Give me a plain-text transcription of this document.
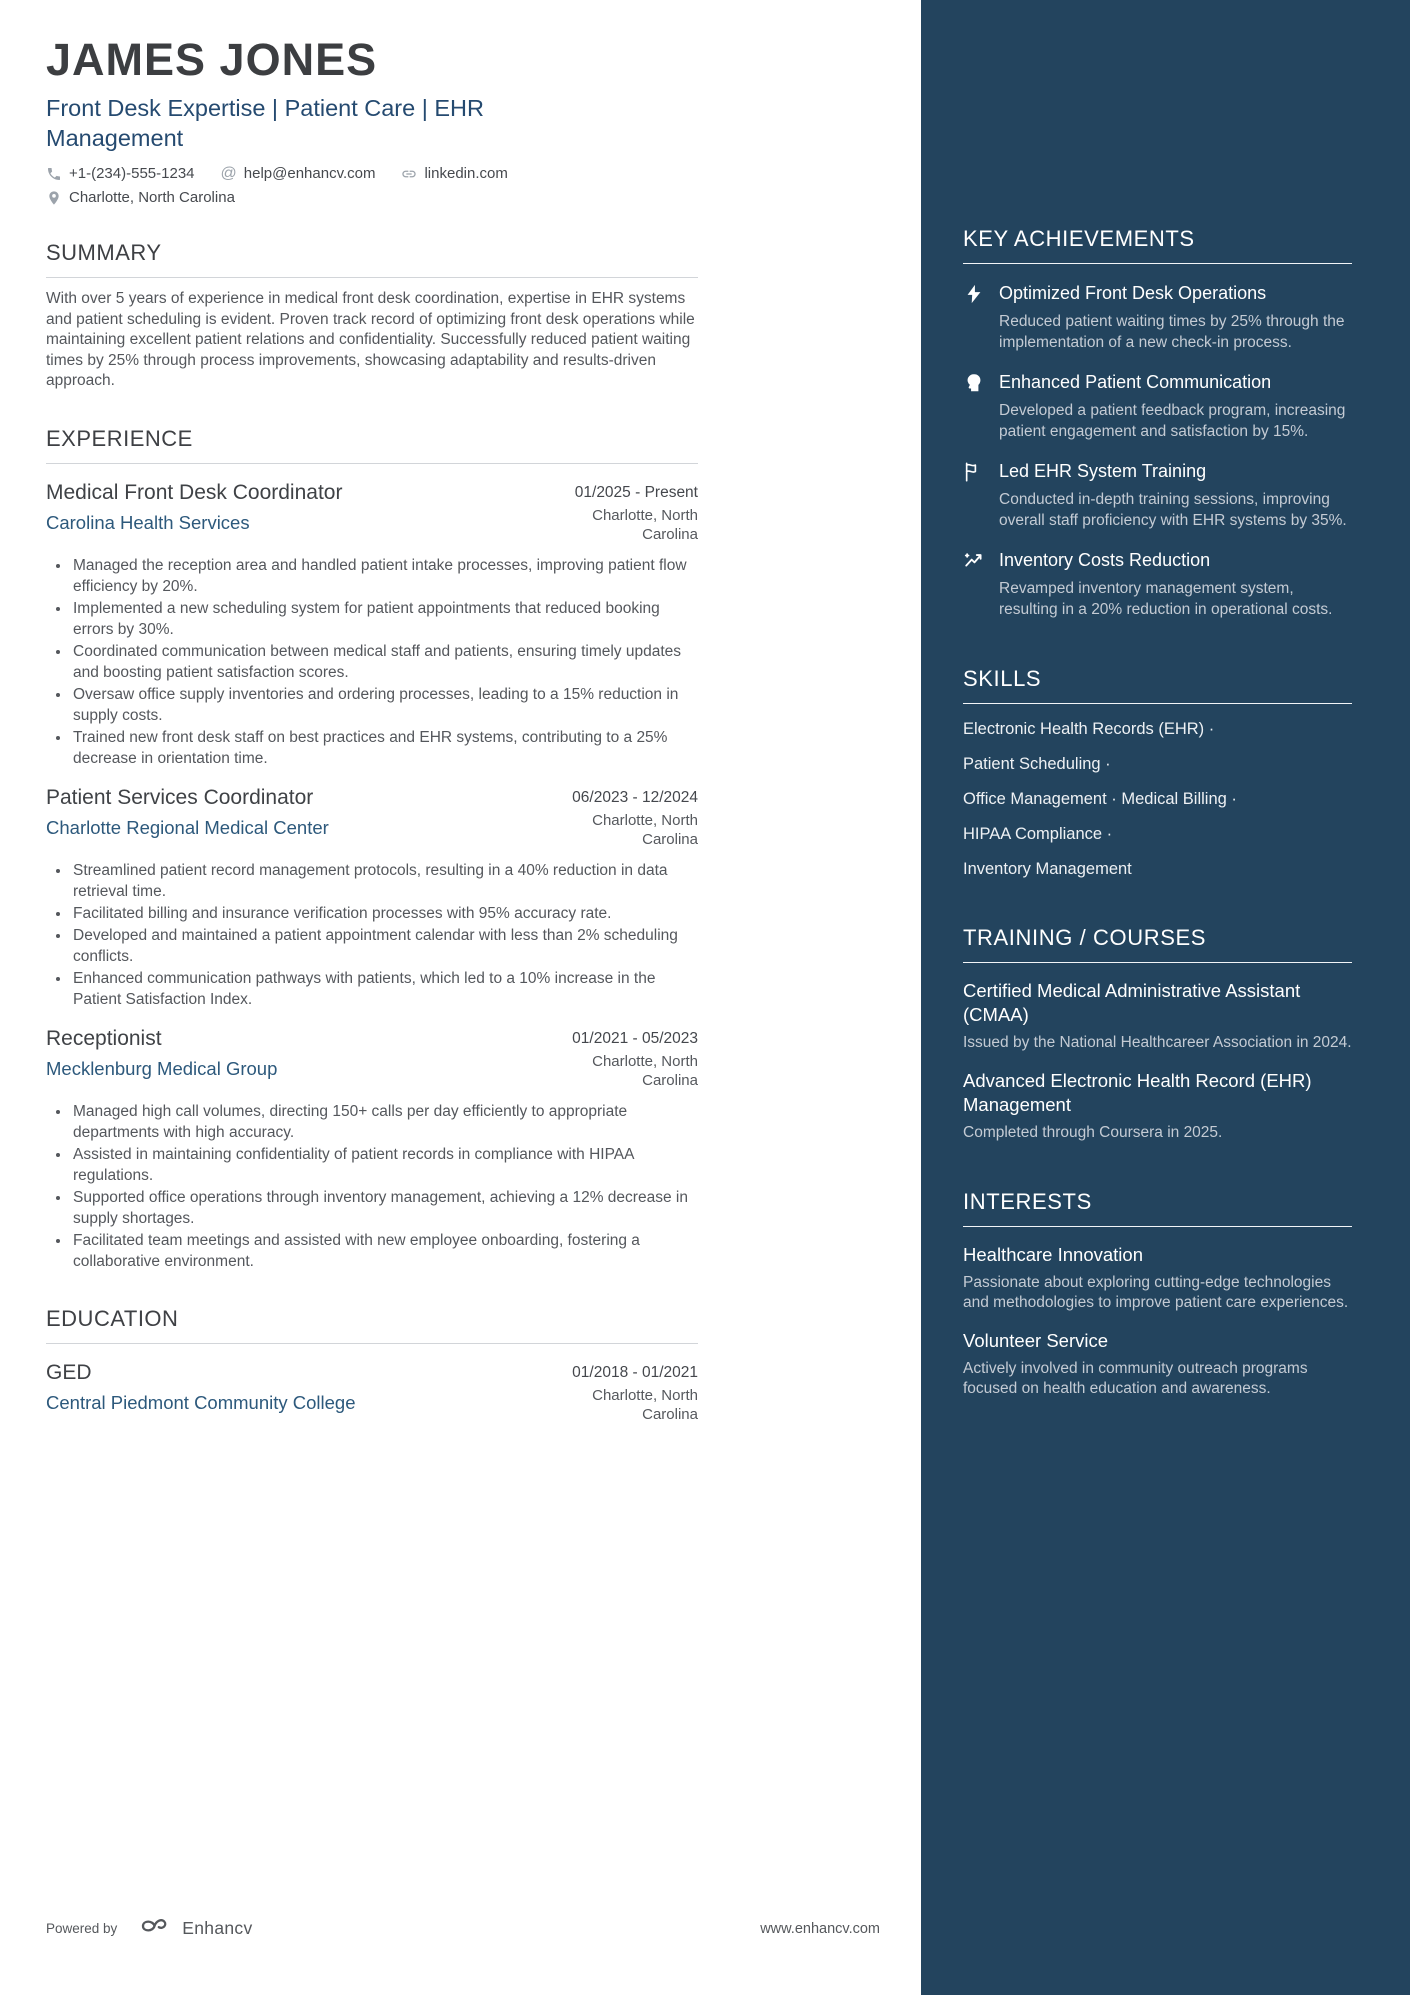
KEY ACHIEVEMENTS
Optimized Front Desk Operations
Reduced patient waiting times by 25% through the implementation of a new check-in process.
Enhanced Patient Communication
Developed a patient feedback program, increasing patient engagement and satisfaction by 15%.
Led EHR System Training
Conducted in-depth training sessions, improving overall staff proficiency with EHR systems by 35%.
Inventory Costs Reduction
Revamped inventory management system, resulting in a 20% reduction in operational costs.
SKILLS
Electronic Health Records (EHR) ·
Patient Scheduling ·
Office Management · Medical Billing ·
HIPAA Compliance ·
Inventory Management
TRAINING / COURSES
Certified Medical Administrative Assistant (CMAA)
Issued by the National Healthcareer Association in 2024.
Advanced Electronic Health Record (EHR) Management
Completed through Coursera in 2025.
INTERESTS
Healthcare Innovation
Passionate about exploring cutting-edge technologies and methodologies to improve patient care experiences.
Volunteer Service
Actively involved in community outreach programs focused on health education and awareness.
JAMES JONES
Front Desk Expertise | Patient Care | EHR Management
+1-(234)-555-1234 @ help@enhancv.com	linkedin.com
Charlotte, North Carolina
SUMMARY
With over 5 years of experience in medical front desk coordination, expertise in EHR systems and patient scheduling is evident. Proven track record of optimizing front desk operations while maintaining excellent patient relations and confidentiality. Successfully reduced patient waiting times by 25% through process improvements, showcasing adaptability and results-driven approach.
EXPERIENCE
Medical Front Desk Coordinator	01/2025 - Present
Carolina Health Services	Charlotte, North Carolina
• Managed the reception area and handled patient intake processes, improving patient flow efficiency by 20%.
• Implemented a new scheduling system for patient appointments that reduced booking errors by 30%.
• Coordinated communication between medical staff and patients, ensuring timely updates and boosting patient satisfaction scores.
• Oversaw office supply inventories and ordering processes, leading to a 15% reduction in supply costs.
• Trained new front desk staff on best practices and EHR systems, contributing to a 25% decrease in orientation time.
Patient Services Coordinator	06/2023 - 12/2024
Charlotte Regional Medical Center	Charlotte, North Carolina
• Streamlined patient record management protocols, resulting in a 40% reduction in data retrieval time.
• Facilitated billing and insurance verification processes with 95% accuracy rate.
• Developed and maintained a patient appointment calendar with less than 2% scheduling conflicts.
• Enhanced communication pathways with patients, which led to a 10% increase in the Patient Satisfaction Index.
Receptionist	01/2021 - 05/2023
Mecklenburg Medical Group	Charlotte, North Carolina
• Managed high call volumes, directing 150+ calls per day efficiently to appropriate departments with high accuracy.
• Assisted in maintaining confidentiality of patient records in compliance with HIPAA regulations.
• Supported office operations through inventory management, achieving a 12% decrease in supply shortages.
• Facilitated team meetings and assisted with new employee onboarding, fostering a collaborative environment.
EDUCATION
GED	01/2018 - 01/2021
Central Piedmont Community College	Charlotte, North Carolina
Powered by	Enhancv	www.enhancv.com
